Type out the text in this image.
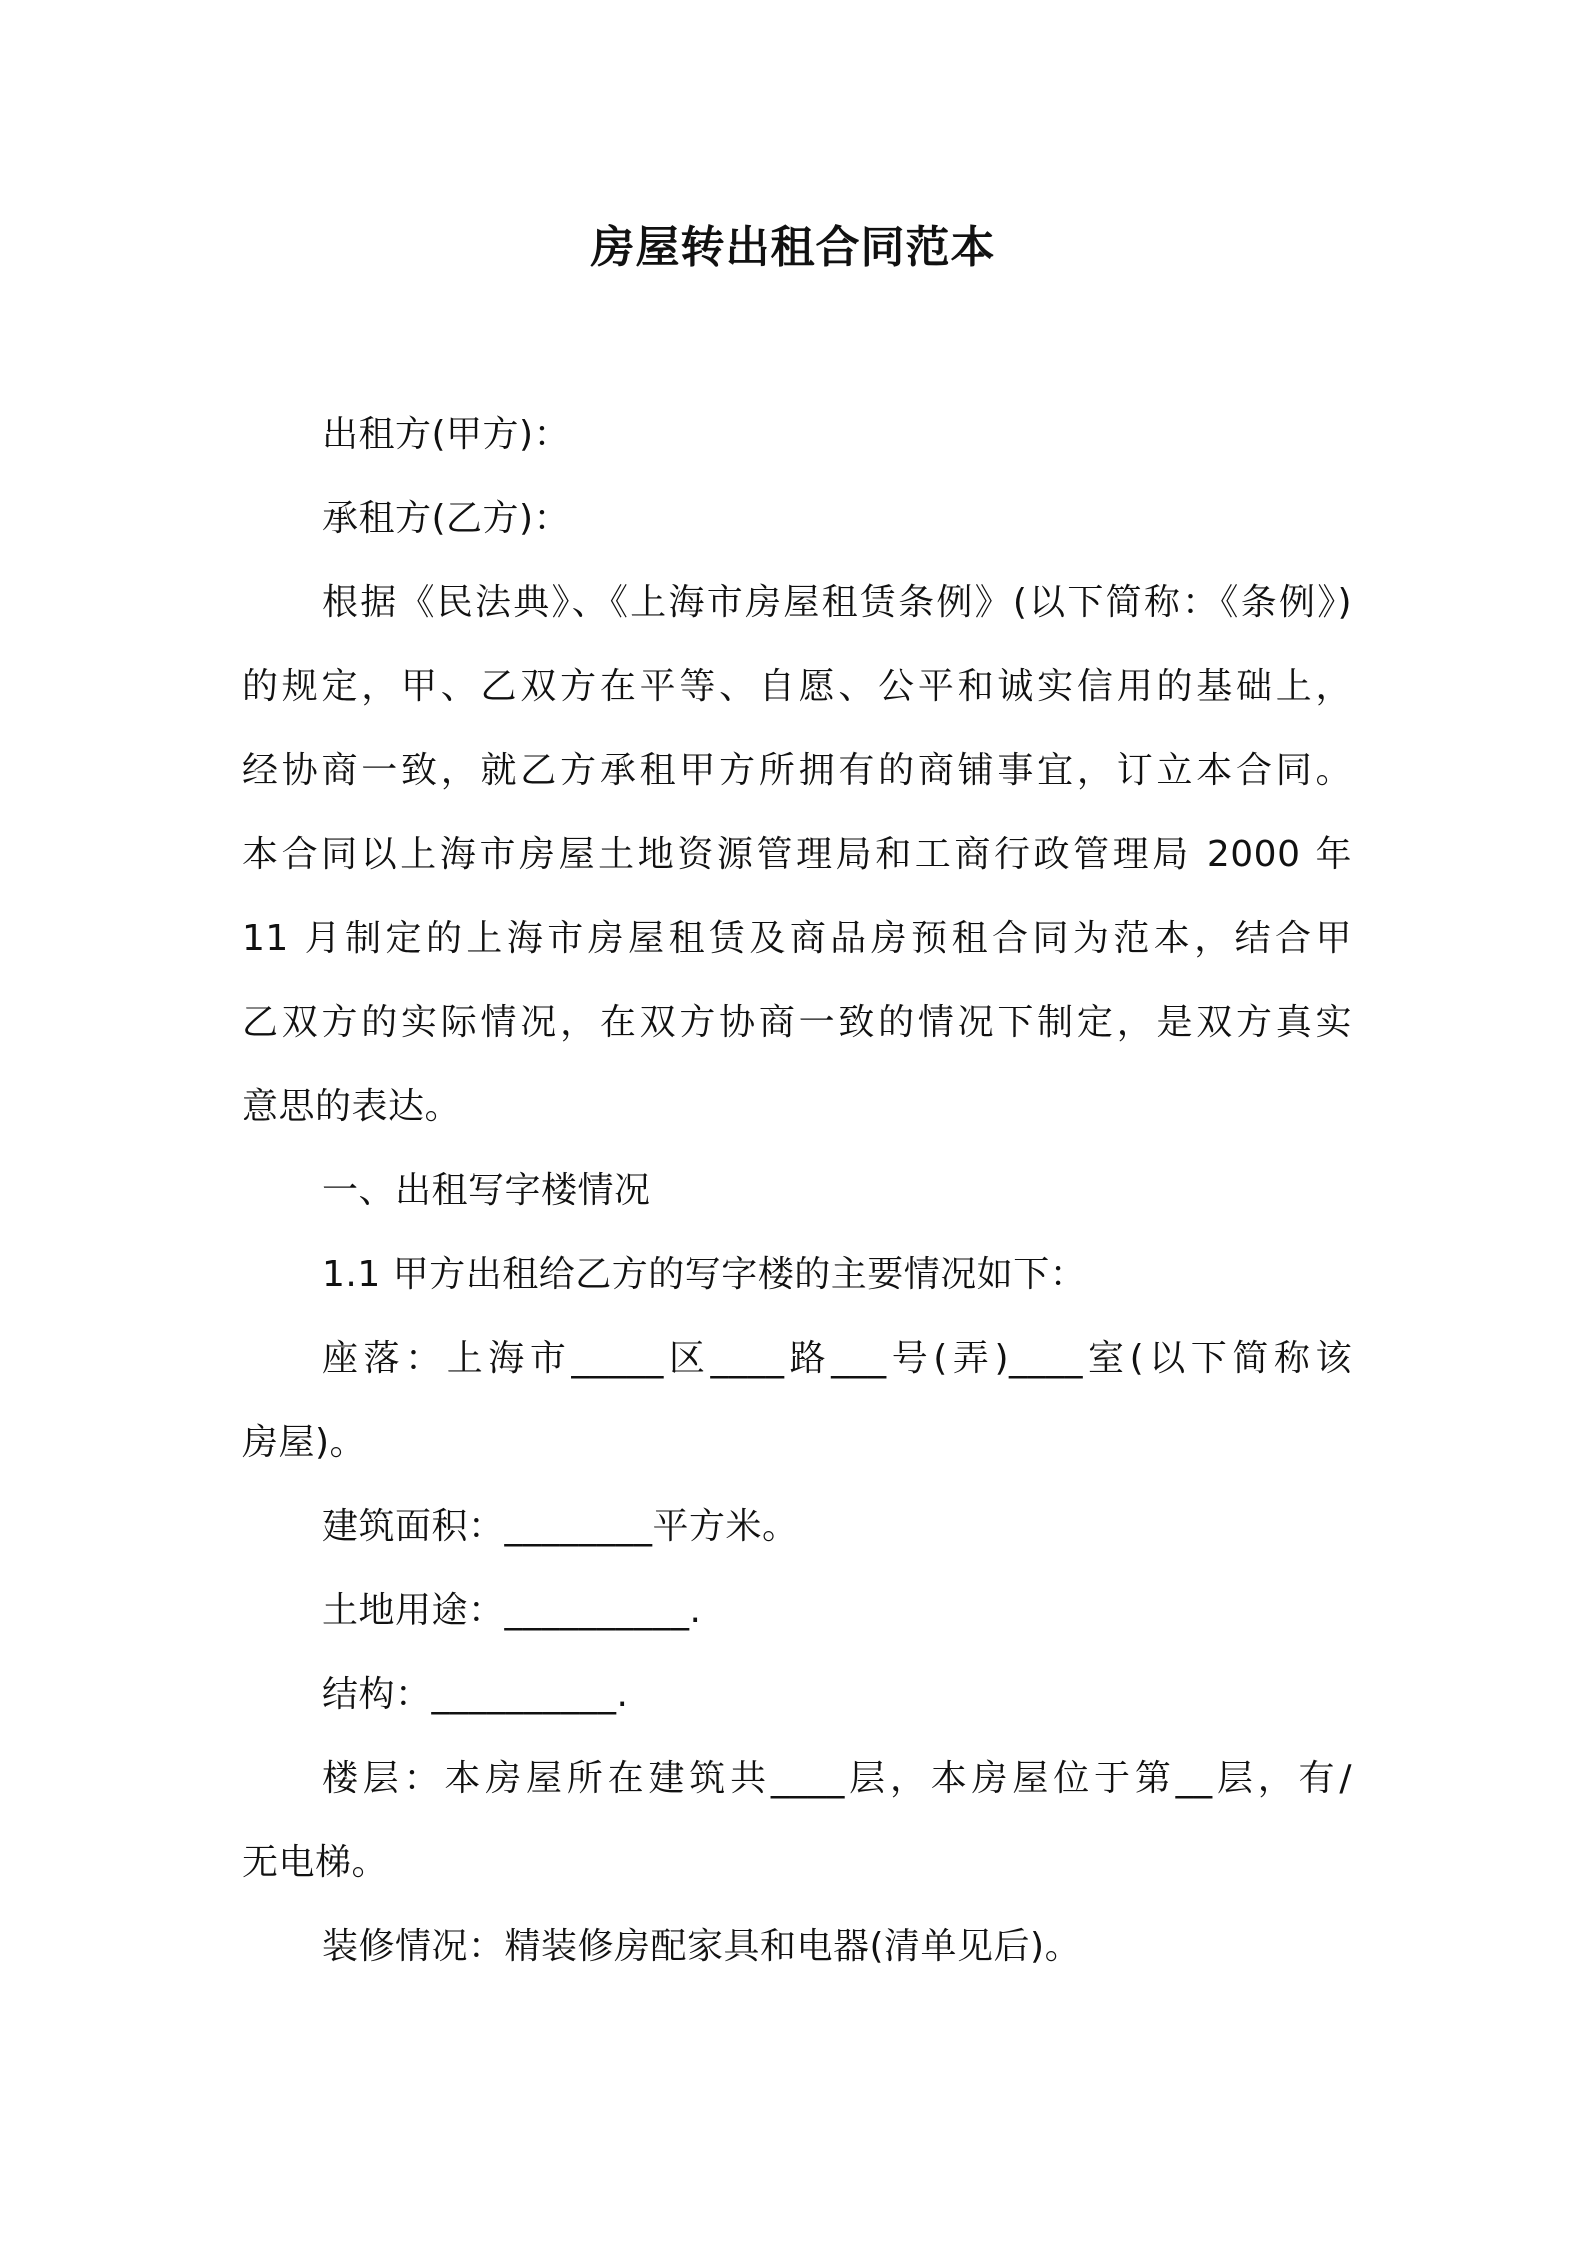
房屋转出租合同范本
出租方(甲方)：
承租方(乙方)：
根据《民法典》、《上海市房屋租赁条例》(以下简称：《条例》)
的规定，甲、乙双方在平等、自愿、公平和诚实信用的基础上，
经协商一致，就乙方承租甲方所拥有的商铺事宜，订立本合同。
本合同以上海市房屋土地资源管理局和工商行政管理局 2000 年
11 月制定的上海市房屋租赁及商品房预租合同为范本，结合甲
乙双方的实际情况，在双方协商一致的情况下制定，是双方真实
意思的表达。
一、出租写字楼情况
1.1 甲方出租给乙方的写字楼的主要情况如下：
座落：上海市_____区____路___号(弄)____室(以下简称该
房屋)。
建筑面积：________平方米。
土地用途：__________.
结构：__________.
楼层：本房屋所在建筑共____层，本房屋位于第__层，有/
无电梯。
装修情况：精装修房配家具和电器(清单见后)。
